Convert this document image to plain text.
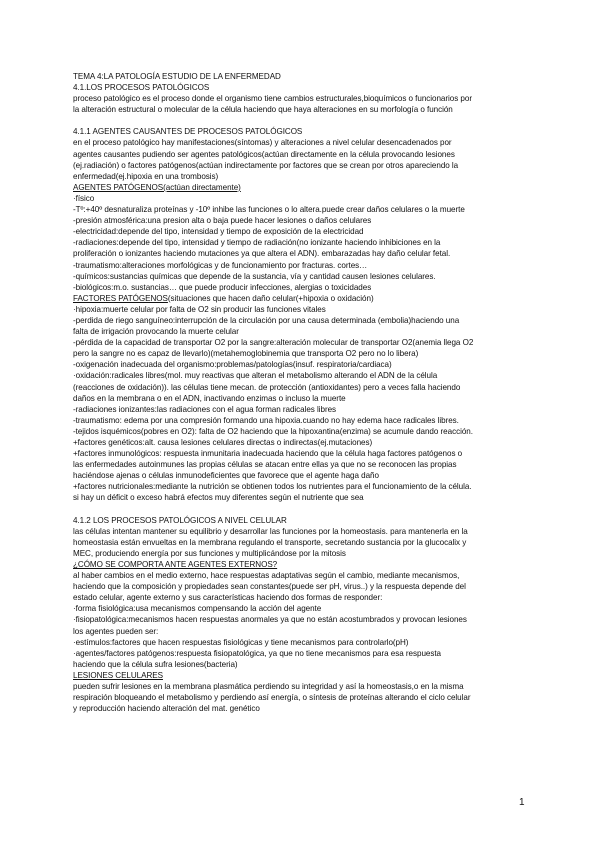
TEMA 4:LA PATOLOGÍA ESTUDIO DE LA ENFERMEDAD

4.1.LOS PROCESOS PATOLÓGICOS

proceso patológico es el proceso donde el organismo tiene cambios estructurales,bioquímicos o funcionarios por

la alteración estructural o molecular de la célula haciendo que haya alteraciones en su morfología o función

4.1.1 AGENTES CAUSANTES DE PROCESOS PATOLÓGICOS

en el proceso patológico hay manifestaciones(síntomas) y alteraciones a nivel celular desencadenados por

agentes causantes pudiendo ser agentes patológicos(actúan directamente en la célula provocando lesiones

(ej.radiación) o factores patógenos(actúan indirectamente por factores que se crean por otros apareciendo la

enfermedad(ej.hipoxia en una trombosis)

AGENTES PATÓGENOS(actúan directamente)

·físico

-Tº:+40º desnaturaliza proteínas y -10º inhibe las funciones o lo altera.puede crear daños celulares o la muerte

-presión atmosférica:una presion alta o baja puede hacer lesiones o daños celulares

-electricidad:depende del tipo, intensidad y tiempo de exposición de la electricidad

-radiaciones:depende del tipo, intensidad y tiempo de radiación(no ionizante haciendo inhibiciones en la

proliferación o ionizantes haciendo mutaciones ya que altera el ADN). embarazadas hay daño celular fetal.

-traumatismo:alteraciones morfológicas y de funcionamiento por fracturas. cortes…

-químicos:sustancias químicas que depende de la sustancia, vía y cantidad causen lesiones celulares.

-biológicos:m.o. sustancias… que puede producir infecciones, alergias o toxicidades

FACTORES PATÓGENOS(situaciones que hacen daño celular(+hipoxia o oxidación)

·hipoxia:muerte celular por falta de O2 sin producir las funciones vitales

-perdida de riego sanguíneo:interrupción de la circulación por una causa determinada (embolia)haciendo una

falta de irrigación provocando la muerte celular

-pérdida de la capacidad de transportar O2 por la sangre:alteración molecular de transportar O2(anemia llega O2

pero la sangre no es capaz de llevarlo)(metahemoglobinemia que transporta O2 pero no lo libera)

-oxigenación inadecuada del organismo:problemas/patologías(insuf. respiratoria/cardiaca)

·oxidación:radicales libres(mol. muy reactivas que alteran el metabolismo alterando el ADN de la célula

(reacciones de oxidación)). las células tiene mecan. de protección (antioxidantes) pero a veces falla haciendo

daños en la membrana o en el ADN, inactivando enzimas o incluso la muerte

-radiaciones ionizantes:las radiaciones con el agua forman radicales libres

-traumatismo: edema por una compresión formando una hipoxia.cuando no hay edema hace radicales libres.

-tejidos isquémicos(pobres en O2): falta de O2 haciendo que la hipoxantina(enzima) se acumule dando reacción.

+factores genéticos:alt. causa lesiones celulares directas o indirectas(ej.mutaciones)

+factores inmunológicos: respuesta inmunitaria inadecuada haciendo que la célula haga factores patógenos o

las enfermedades autoinmunes las propias células se atacan entre ellas ya que no se reconocen las propias

haciéndose ajenas o células inmunodeficientes que favorece que el agente haga daño

+factores nutricionales:mediante la nutrición se obtienen todos los nutrientes para el funcionamiento de la célula.

si hay un déficit o exceso habrá efectos muy diferentes según el nutriente que sea

4.1.2 LOS PROCESOS PATOLÓGICOS A NIVEL CELULAR

las células intentan mantener su equilibrio y desarrollar las funciones por la homeostasis. para mantenerla en la

homeostasia están envueltas en la membrana regulando el transporte, secretando sustancia por la glucocalix y

MEC, produciendo energía por sus funciones y multiplicándose por la mitosis

¿CÓMO SE COMPORTA ANTE AGENTES EXTERNOS?

al haber cambios en el medio externo, hace respuestas adaptativas según el cambio, mediante mecanismos,

haciendo que la composición y propiedades sean constantes(puede ser pH, virus..) y la respuesta depende del

estado celular, agente externo y sus características haciendo dos formas de responder:

·forma fisiológica:usa mecanismos compensando la acción del agente

·fisiopatológica:mecanismos hacen respuestas anormales ya que no están acostumbrados y provocan lesiones

los agentes pueden ser:

·estímulos:factores que hacen respuestas fisiológicas y tiene mecanismos para controlarlo(pH)

·agentes/factores patógenos:respuesta fisiopatológica, ya que no tiene mecanismos para esa respuesta

haciendo que la célula sufra lesiones(bacteria)

LESIONES CELULARES

pueden sufrir lesiones en la membrana plasmática perdiendo su integridad y así la homeostasis,o en la misma

respiración bloqueando el metabolismo y perdiendo así energía, o síntesis de proteínas alterando el ciclo celular

y reproducción haciendo alteración del mat. genético

1
